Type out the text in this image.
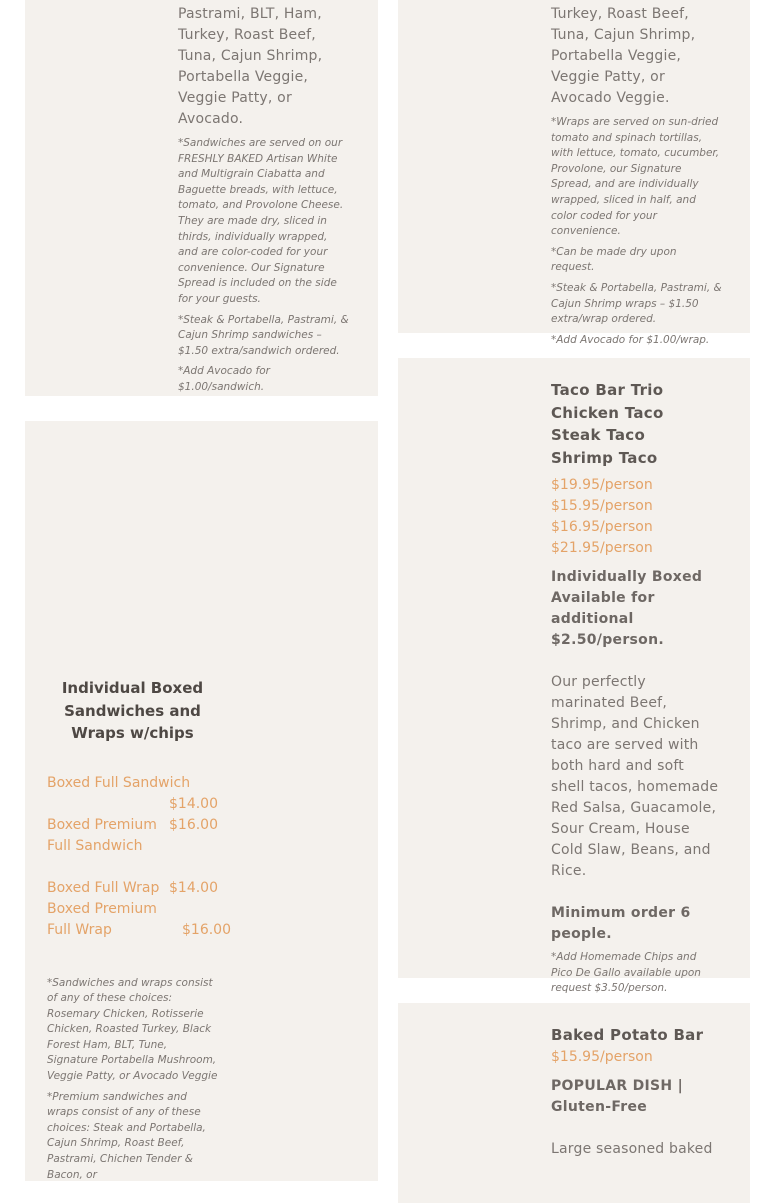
Pastrami, BLT, Ham, Turkey, Roast Beef, Tuna, Cajun Shrimp, Portabella Veggie, Veggie Patty, or Avocado.

*Sandwiches are served on our FRESHLY BAKED Artisan White and Multigrain Ciabatta and Baguette breads, with lettuce, tomato, and Provolone Cheese. They are made dry, sliced in thirds, individually wrapped, and are color-coded for your convenience. Our Signature Spread is included on the side for your guests.

*Steak & Portabella, Pastrami, & Cajun Shrimp sandwiches – $1.50 extra/sandwich ordered.

*Add Avocado for $1.00/sandwich.

Turkey, Roast Beef, Tuna, Cajun Shrimp, Portabella Veggie, Veggie Patty, or Avocado Veggie.

*Wraps are served on sun-dried tomato and spinach tortillas, with lettuce, tomato, cucumber, Provolone, our Signature Spread, and are individually wrapped, sliced in half, and color coded for your convenience.

*Can be made dry upon request.

*Steak & Portabella, Pastrami, & Cajun Shrimp wraps – $1.50 extra/wrap ordered.

*Add Avocado for $1.00/wrap.

Individual Boxed Sandwiches and Wraps w/chips

Boxed Full Sandwich
$14.00
Boxed Premium Full Sandwich
$16.00
Boxed Full Wrap $14.00
Boxed Premium Full Wrap	$16.00

*Sandwiches and wraps consist of any of these choices: Rosemary Chicken, Rotisserie Chicken, Roasted Turkey, Black Forest Ham, BLT, Tune, Signature Portabella Mushroom, Veggie Patty, or Avocado Veggie

*Premium sandwiches and wraps consist of any of these choices: Steak and Portabella, Cajun Shrimp, Roast Beef, Pastrami, Chichen Tender & Bacon, or

Taco Bar Trio

Chicken Taco

Steak Taco

Shrimp Taco

$19.95/person

$15.95/person

$16.95/person

$21.95/person

Individually Boxed Available for additional $2.50/person.

Our perfectly marinated Beef, Shrimp, and Chicken taco are served with both hard and soft shell tacos, homemade Red Salsa, Guacamole, Sour Cream, House Cold Slaw, Beans, and Rice.

Minimum order 6 people.

*Add Homemade Chips and Pico De Gallo available upon request $3.50/person.

Baked Potato Bar

$15.95/person

POPULAR DISH | Gluten-Free

Large seasoned baked
